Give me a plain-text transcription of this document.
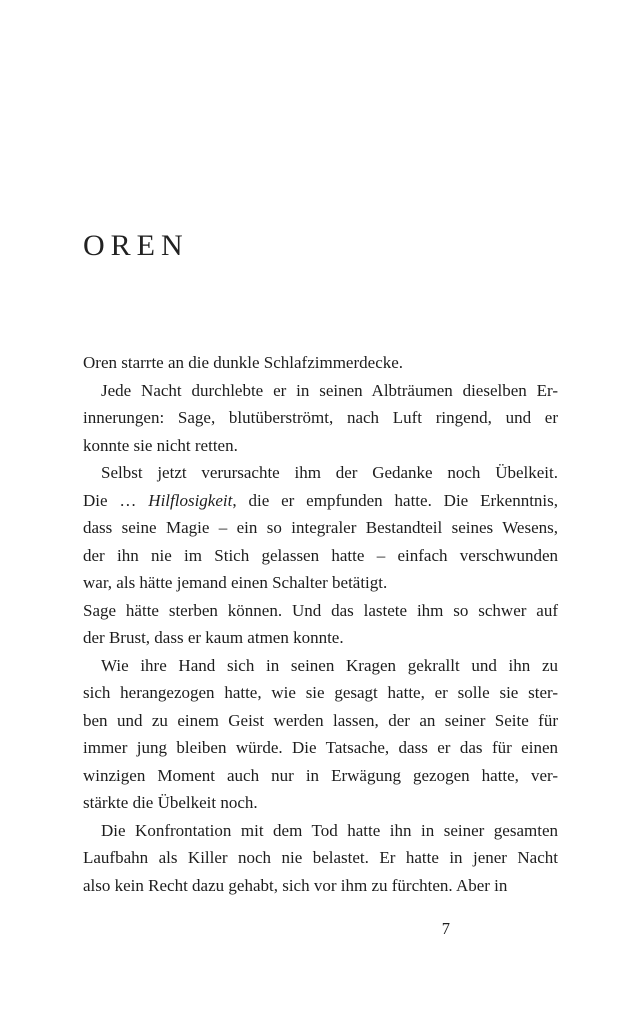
OREN
Oren starrte an die dunkle Schlafzimmerdecke.
Jede Nacht durchlebte er in seinen Albträumen dieselben Er-
innerungen: Sage, blutüberströmt, nach Luft ringend, und er
konnte sie nicht retten.
Selbst jetzt verursachte ihm der Gedanke noch Übelkeit.
Die … Hilflosigkeit, die er empfunden hatte. Die Erkenntnis,
dass seine Magie – ein so integraler Bestandteil seines Wesens,
der ihn nie im Stich gelassen hatte – einfach verschwunden
war, als hätte jemand einen Schalter betätigt.
Sage hätte sterben können. Und das lastete ihm so schwer auf
der Brust, dass er kaum atmen konnte.
Wie ihre Hand sich in seinen Kragen gekrallt und ihn zu
sich herangezogen hatte, wie sie gesagt hatte, er solle sie ster-
ben und zu einem Geist werden lassen, der an seiner Seite für
immer jung bleiben würde. Die Tatsache, dass er das für einen
winzigen Moment auch nur in Erwägung gezogen hatte, ver-
stärkte die Übelkeit noch.
Die Konfrontation mit dem Tod hatte ihn in seiner gesamten
Laufbahn als Killer noch nie belastet. Er hatte in jener Nacht
also kein Recht dazu gehabt, sich vor ihm zu fürchten. Aber in
7
